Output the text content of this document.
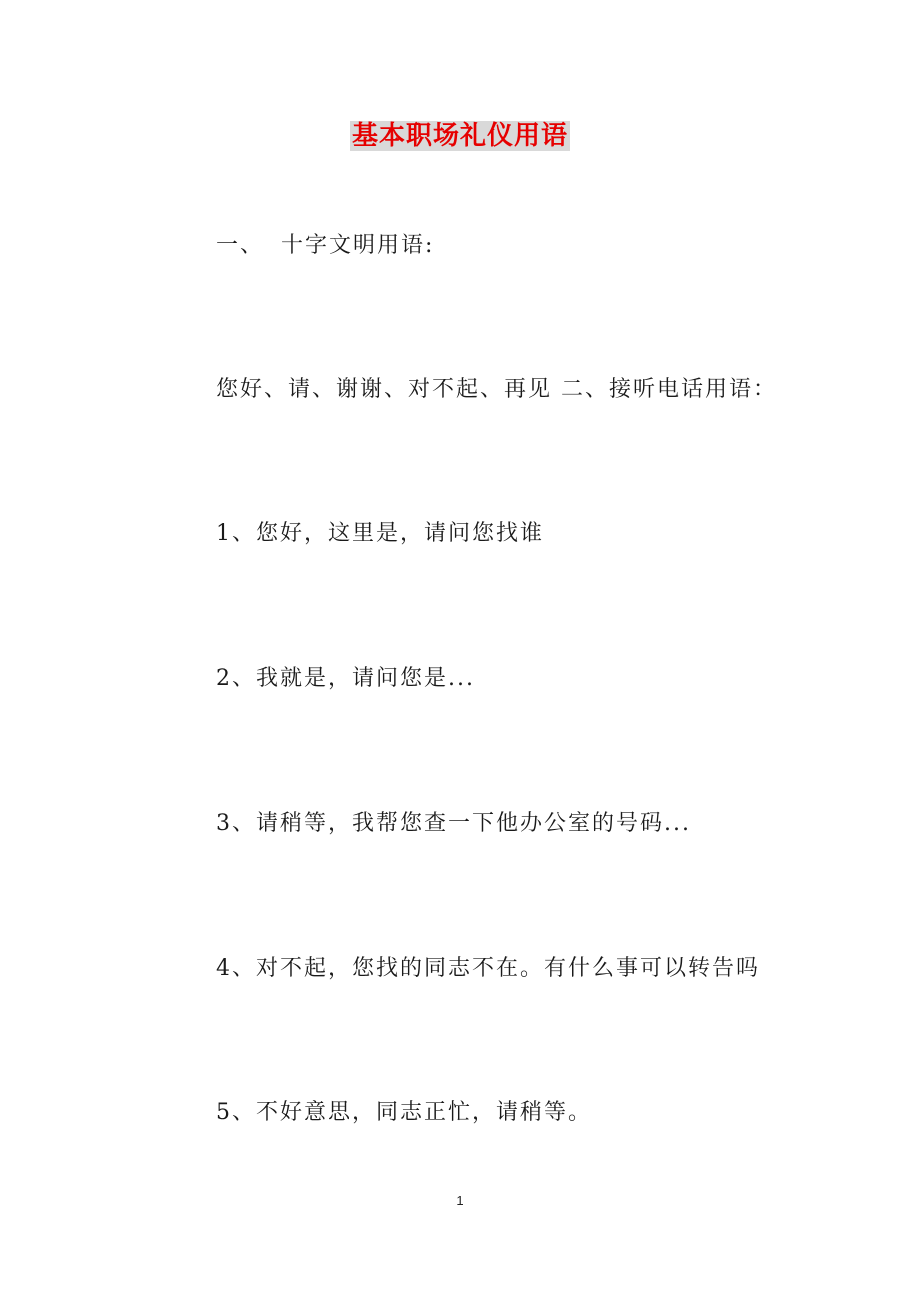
基本职场礼仪用语
一、 十字文明用语:
您好、请、谢谢、对不起、再见 二、接听电话用语：
1、您好，这里是，请问您找谁
2、我就是，请问您是...
3、请稍等，我帮您查一下他办公室的号码...
4、对不起，您找的同志不在。有什么事可以转告吗
5、不好意思，同志正忙，请稍等。
1
